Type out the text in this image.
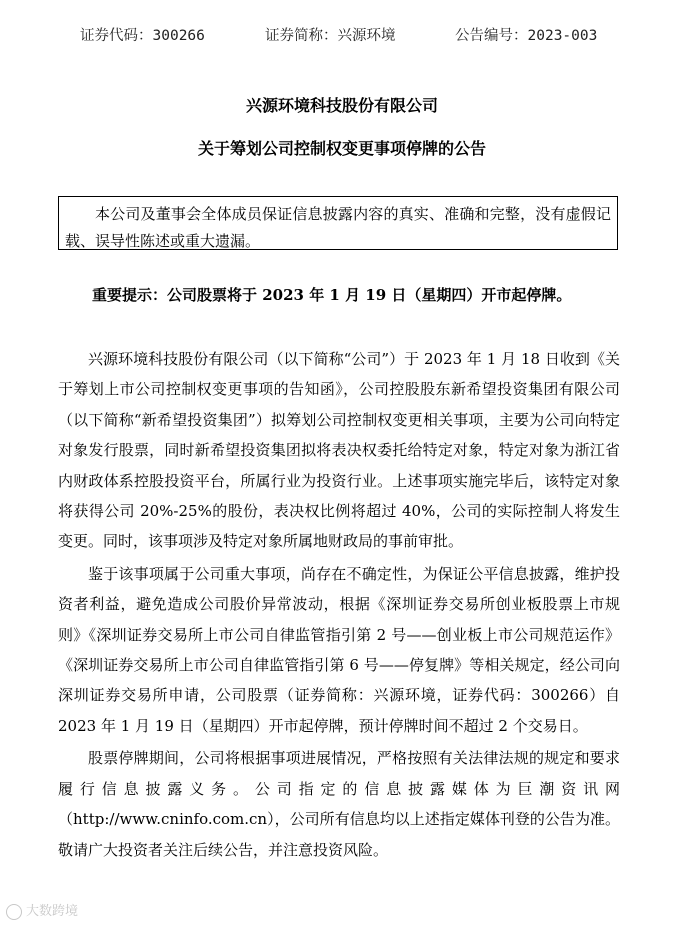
证券代码：300266	证券简称：兴源环境	公告编号：2023-003
兴源环境科技股份有限公司
关于筹划公司控制权变更事项停牌的公告
本公司及董事会全体成员保证信息披露内容的真实、准确和完整，没有虚假记载、误导性陈述或重大遗漏。
重要提示：公司股票将于 2023 年 1 月 19 日（星期四）开市起停牌。

兴源环境科技股份有限公司（以下简称“公司”）于 2023 年 1 月 18 日收到《关于筹划上市公司控制权变更事项的告知函》，公司控股股东新希望投资集团有限公司（以下简称“新希望投资集团”）拟筹划公司控制权变更相关事项，主要为公司向特定对象发行股票，同时新希望投资集团拟将表决权委托给特定对象，特定对象为浙江省内财政体系控股投资平台，所属行业为投资行业。上述事项实施完毕后，该特定对象将获得公司 20%-25%的股份，表决权比例将超过 40%，公司的实际控制人将发生变更。同时，该事项涉及特定对象所属地财政局的事前审批。

鉴于该事项属于公司重大事项，尚存在不确定性，为保证公平信息披露，维护投资者利益，避免造成公司股价异常波动，根据《深圳证券交易所创业板股票上市规则》《深圳证券交易所上市公司自律监管指引第 2 号——创业板上市公司规范运作》《深圳证券交易所上市公司自律监管指引第 6 号——停复牌》等相关规定，经公司向深圳证券交易所申请，公司股票（证券简称：兴源环境，证券代码：300266）自 2023 年 1 月 19 日（星期四）开市起停牌，预计停牌时间不超过 2 个交易日。

股票停牌期间，公司将根据事项进展情况，严格按照有关法律法规的规定和要求履行信息披露义务。公司指定的信息披露媒体为巨潮资讯网（http://www.cninfo.com.cn），公司所有信息均以上述指定媒体刊登的公告为准。敬请广大投资者关注后续公告，并注意投资风险。

大数跨境
